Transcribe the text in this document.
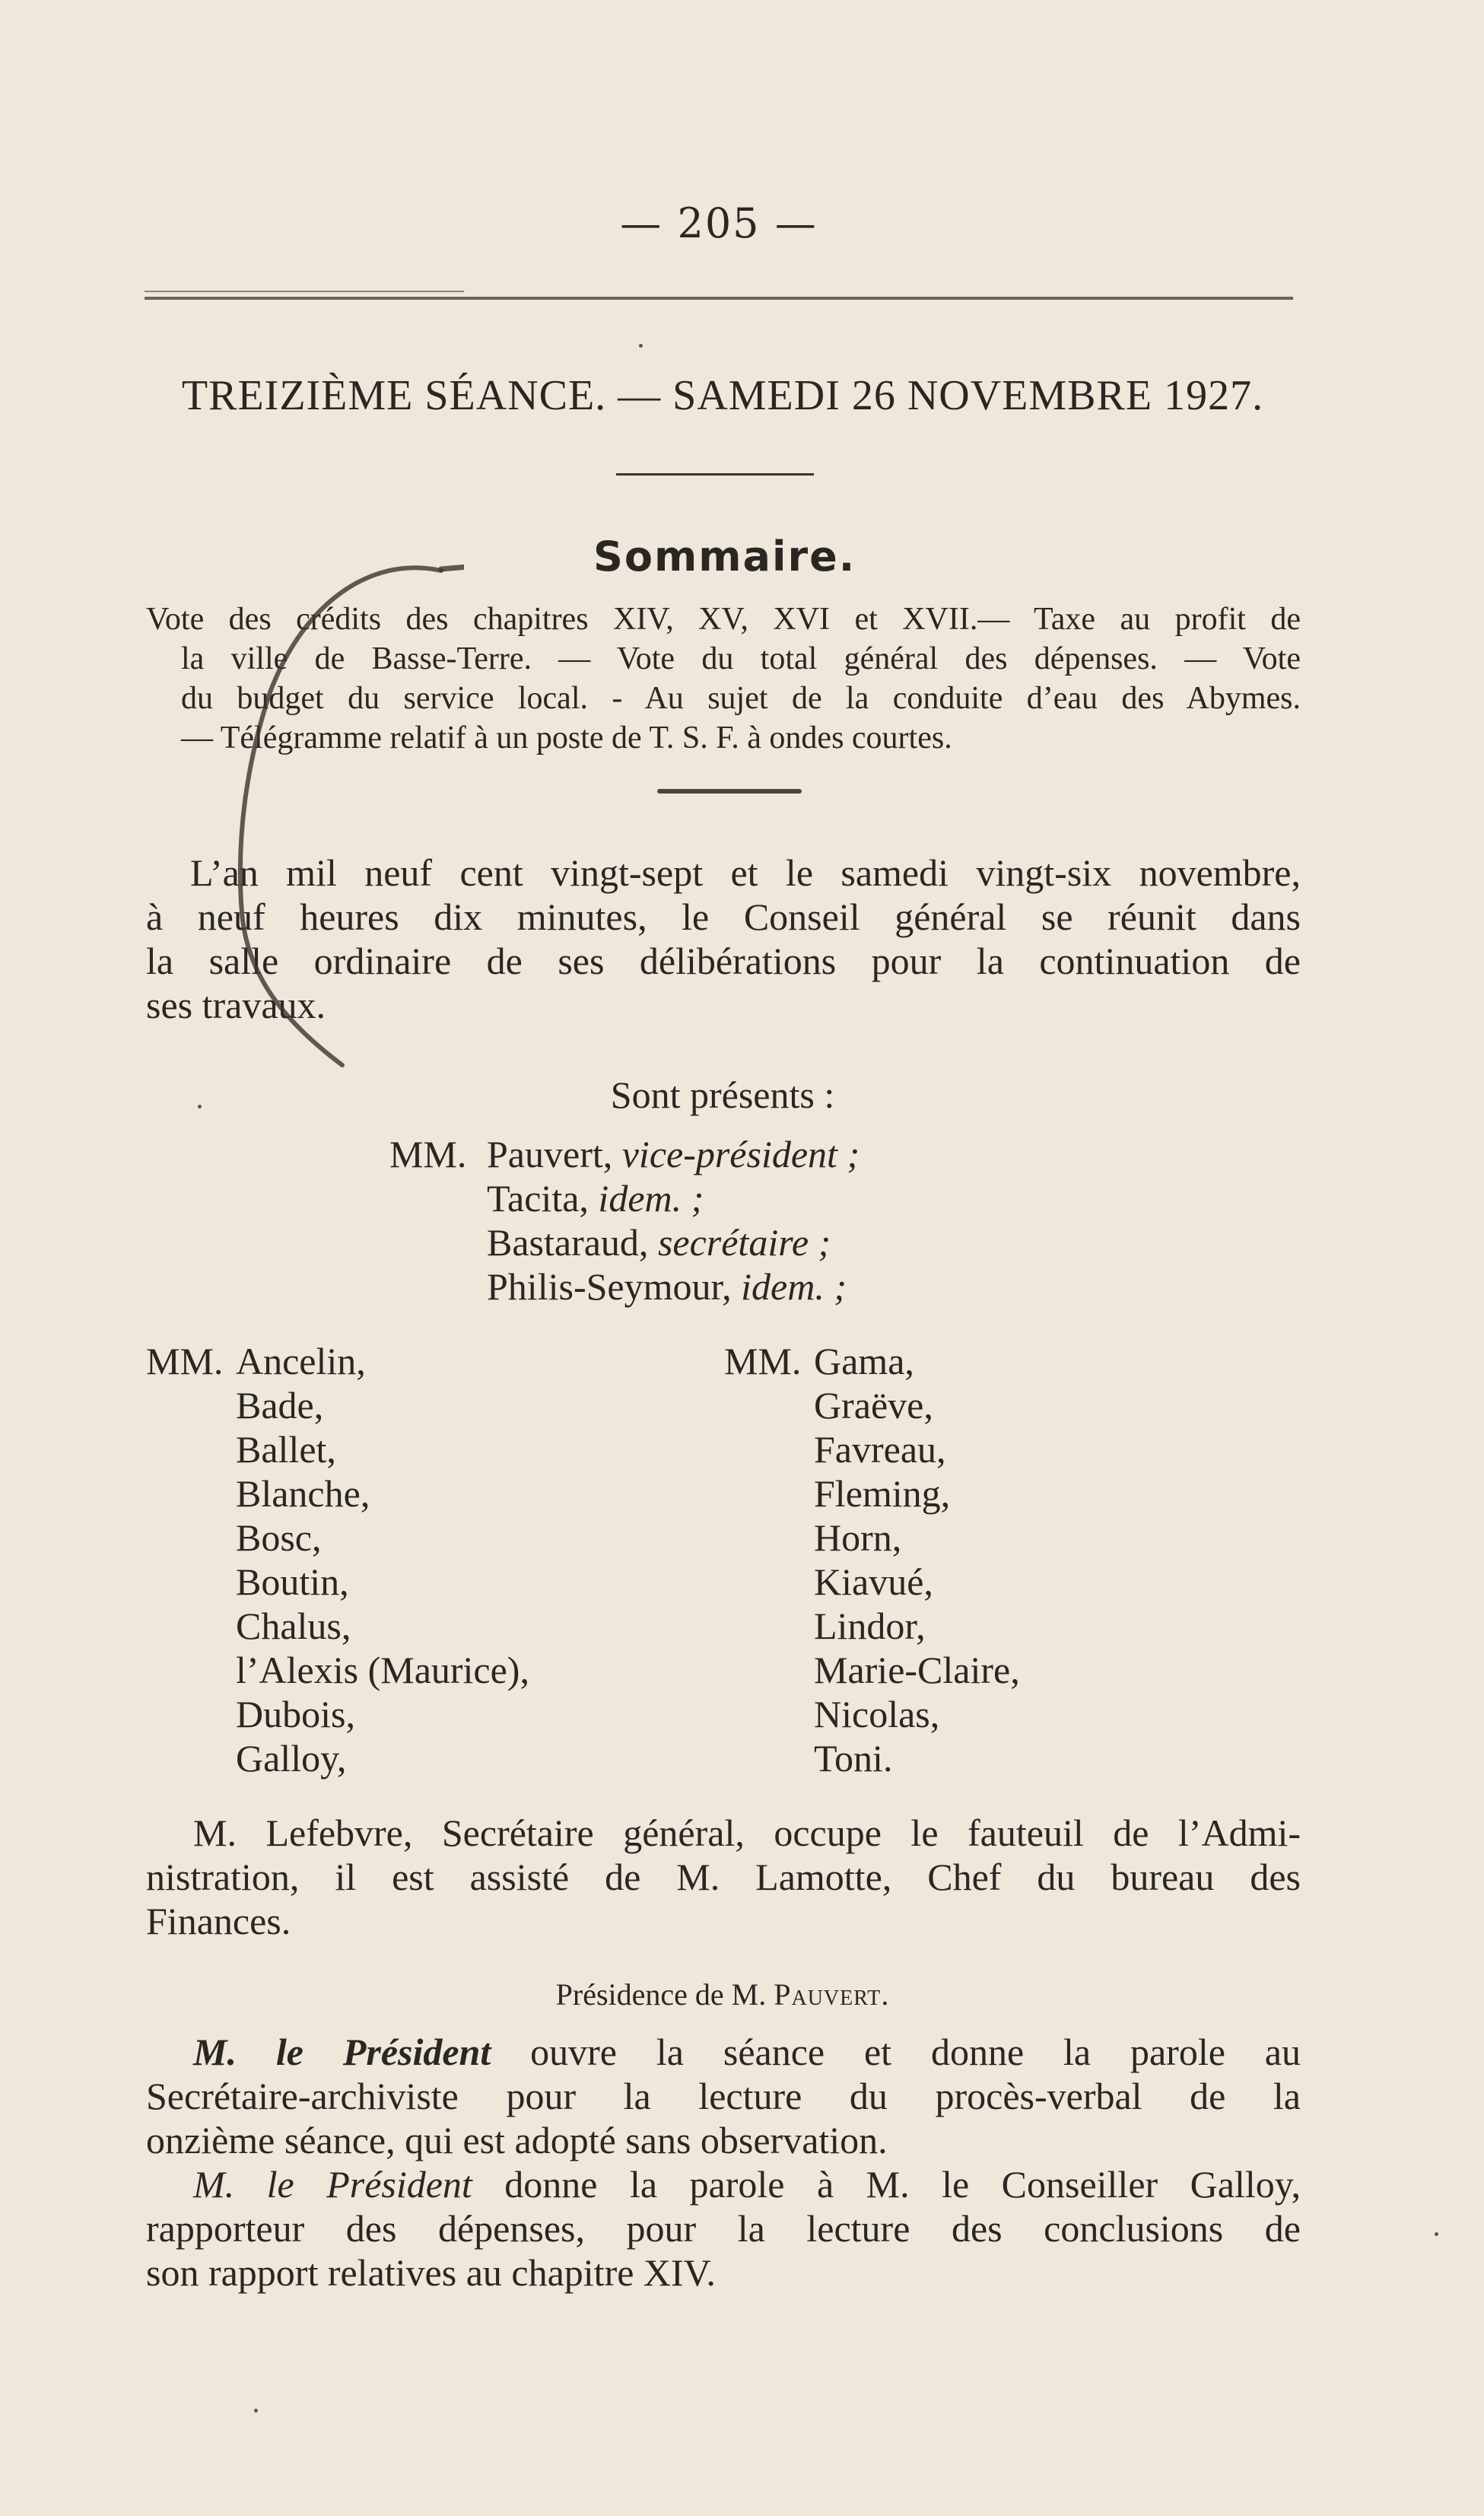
— 205 —
TREIZIÈME SÉANCE. — SAMEDI 26 NOVEMBRE 1927.
Sommaire.
Vote des crédits des chapitres XIV, XV, XVI et XVII.— Taxe au profit de
la ville de Basse-Terre. — Vote du total général des dépenses. — Vote
du budget du service local. - Au sujet de la conduite d’eau des Abymes.
— Télégramme relatif à un poste de T. S. F. à ondes courtes.
L’an mil neuf cent vingt-sept et le samedi vingt-six novembre,
à neuf heures dix minutes, le Conseil général se réunit dans
la salle ordinaire de ses délibérations pour la continuation de
ses travaux.
Sont présents :
MM. Pauvert, vice-président ;
Tacita, idem. ;
Bastaraud, secrétaire ;
Philis-Seymour, idem. ;
MM. Ancelin,
Bade,
Ballet,
Blanche,
Bosc,
Boutin,
Chalus,
l’Alexis (Maurice),
Dubois,
Galloy,
MM. Gama,
Graëve,
Favreau,
Fleming,
Horn,
Kiavué,
Lindor,
Marie-Claire,
Nicolas,
Toni.
M. Lefebvre, Secrétaire général, occupe le fauteuil de l’Admi-
nistration, il est assisté de M. Lamotte, Chef du bureau des
Finances.
Présidence de M. Pauvert.
M. le Président ouvre la séance et donne la parole au
Secrétaire-archiviste pour la lecture du procès-verbal de la
onzième séance, qui est adopté sans observation.
M. le Président donne la parole à M. le Conseiller Galloy,
rapporteur des dépenses, pour la lecture des conclusions de
son rapport relatives au chapitre XIV.
